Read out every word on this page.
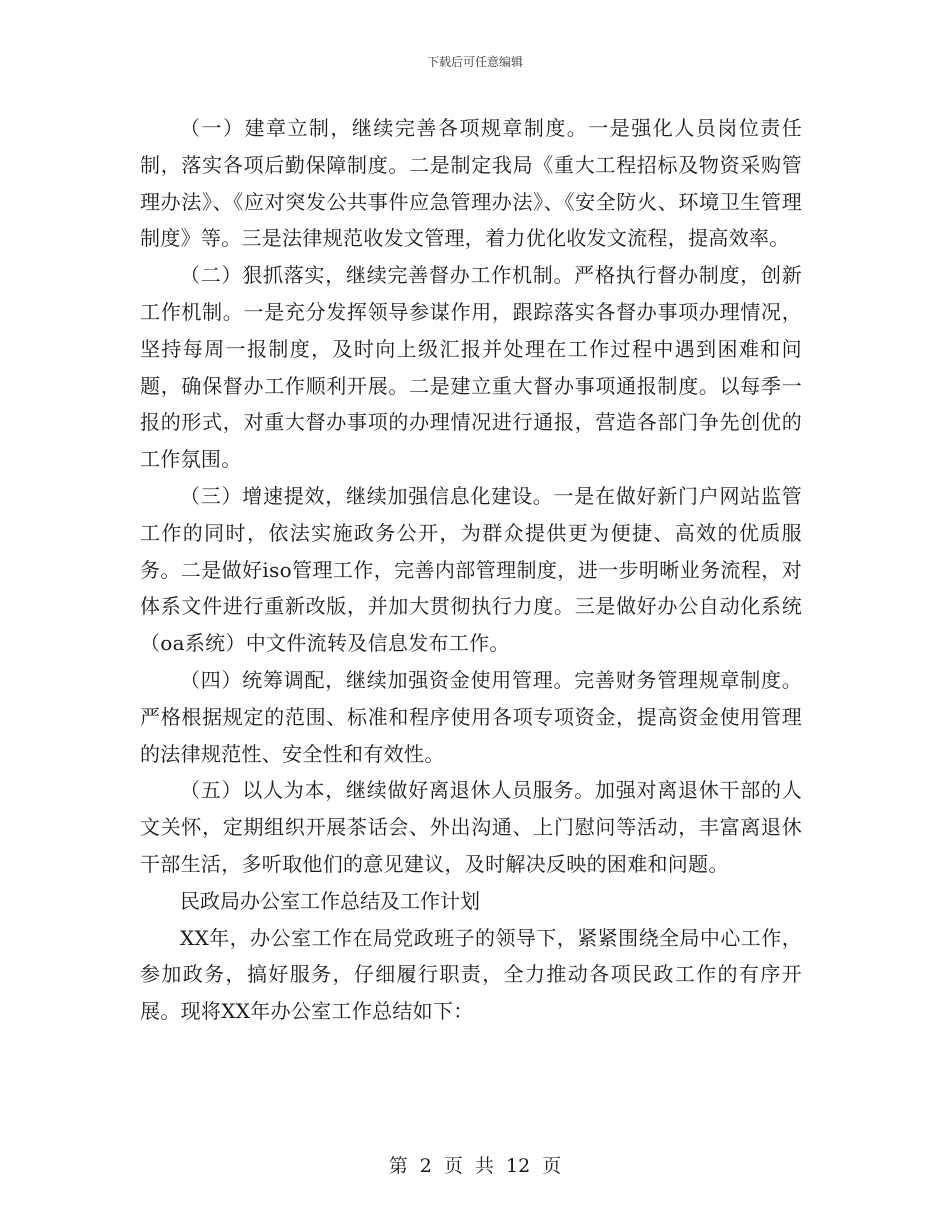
下载后可任意编辑

（一）建章立制，继续完善各项规章制度。一是强化人员岗位责任制，落实各项后勤保障制度。二是制定我局《重大工程招标及物资采购管理办法》、《应对突发公共事件应急管理办法》、《安全防火、环境卫生管理制度》等。三是法律规范收发文管理，着力优化收发文流程，提高效率。

（二）狠抓落实，继续完善督办工作机制。严格执行督办制度，创新工作机制。一是充分发挥领导参谋作用，跟踪落实各督办事项办理情况，坚持每周一报制度，及时向上级汇报并处理在工作过程中遇到困难和问题，确保督办工作顺利开展。二是建立重大督办事项通报制度。以每季一报的形式，对重大督办事项的办理情况进行通报，营造各部门争先创优的工作氛围。

（三）增速提效，继续加强信息化建设。一是在做好新门户网站监管工作的同时，依法实施政务公开，为群众提供更为便捷、高效的优质服务。二是做好iso管理工作，完善内部管理制度，进一步明晰业务流程，对体系文件进行重新改版，并加大贯彻执行力度。三是做好办公自动化系统（oa系统）中文件流转及信息发布工作。

（四）统筹调配，继续加强资金使用管理。完善财务管理规章制度。严格根据规定的范围、标准和程序使用各项专项资金，提高资金使用管理的法律规范性、安全性和有效性。

（五）以人为本，继续做好离退休人员服务。加强对离退休干部的人文关怀，定期组织开展茶话会、外出沟通、上门慰问等活动，丰富离退休干部生活，多听取他们的意见建议，及时解决反映的困难和问题。

民政局办公室工作总结及工作计划

XX年，办公室工作在局党政班子的领导下，紧紧围绕全局中心工作，参加政务，搞好服务，仔细履行职责，全力推动各项民政工作的有序开展。现将XX年办公室工作总结如下：

第 2 页 共 12 页
